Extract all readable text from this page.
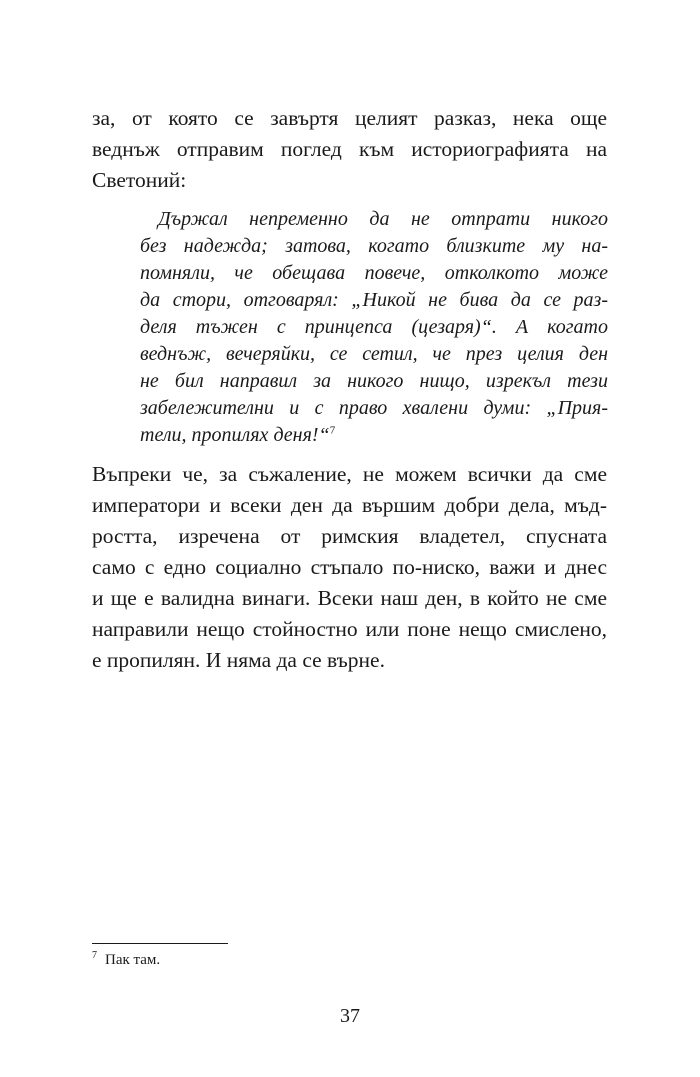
за, от която се завъртя целият разказ, нека още
веднъж отправим поглед към историографията на
Светоний:
Държал непременно да не отпрати никого
без надежда; затова, когато близките му на-
помняли, че обещава повече, отколкото може
да стори, отговарял: „Никой не бива да се раз-
деля тъжен с принцепса (цезаря)“. А когато
веднъж, вечеряйки, се сетил, че през целия ден
не бил направил за никого нищо, изрекъл тези
забележителни и с право хвалени думи: „Прия-
тели, пропилях деня!“$^7$
Въпреки че, за съжаление, не можем всички да сме
императори и всеки ден да вършим добри дела, мъд-
ростта, изречена от римския владетел, спусната
само с едно социално стъпало по-ниско, важи и днес
и ще е валидна винаги. Всеки наш ден, в който не сме
направили нещо стойностно или поне нещо смислено,
е пропилян. И няма да се върне.
$^7$ Пак там.
37
